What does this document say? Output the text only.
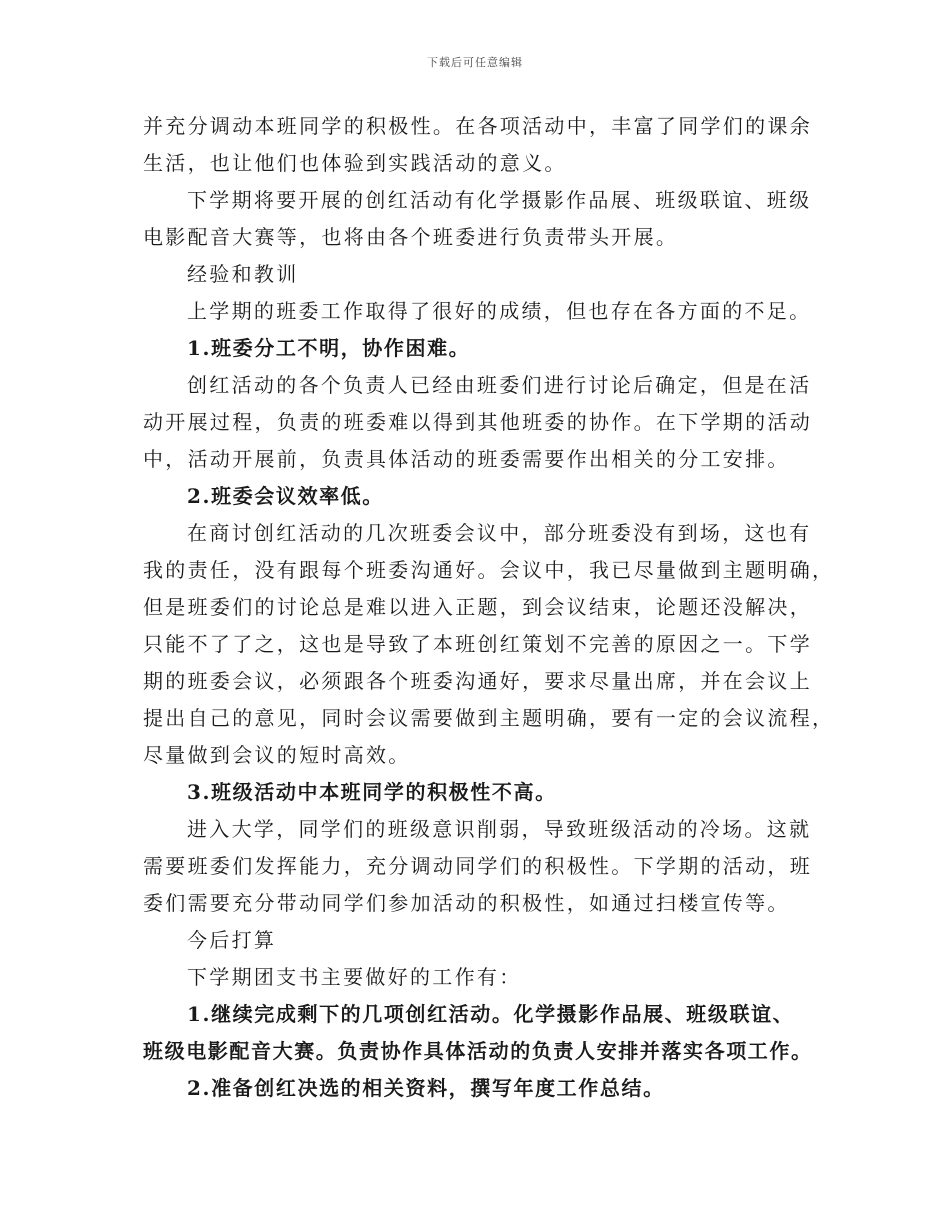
下载后可任意编辑
并充分调动本班同学的积极性。在各项活动中，丰富了同学们的课余
生活，也让他们也体验到实践活动的意义。
下学期将要开展的创红活动有化学摄影作品展、班级联谊、班级
电影配音大赛等，也将由各个班委进行负责带头开展。
经验和教训
上学期的班委工作取得了很好的成绩，但也存在各方面的不足。
1.班委分工不明，协作困难。
创红活动的各个负责人已经由班委们进行讨论后确定，但是在活
动开展过程，负责的班委难以得到其他班委的协作。在下学期的活动
中，活动开展前，负责具体活动的班委需要作出相关的分工安排。
2.班委会议效率低。
在商讨创红活动的几次班委会议中，部分班委没有到场，这也有
我的责任，没有跟每个班委沟通好。会议中，我已尽量做到主题明确，
但是班委们的讨论总是难以进入正题，到会议结束，论题还没解决，
只能不了了之，这也是导致了本班创红策划不完善的原因之一。下学
期的班委会议，必须跟各个班委沟通好，要求尽量出席，并在会议上
提出自己的意见，同时会议需要做到主题明确，要有一定的会议流程，
尽量做到会议的短时高效。
3.班级活动中本班同学的积极性不高。
进入大学，同学们的班级意识削弱，导致班级活动的冷场。这就
需要班委们发挥能力，充分调动同学们的积极性。下学期的活动，班
委们需要充分带动同学们参加活动的积极性，如通过扫楼宣传等。
今后打算
下学期团支书主要做好的工作有：
1.继续完成剩下的几项创红活动。化学摄影作品展、班级联谊、
班级电影配音大赛。负责协作具体活动的负责人安排并落实各项工作。
2.准备创红决选的相关资料，撰写年度工作总结。
